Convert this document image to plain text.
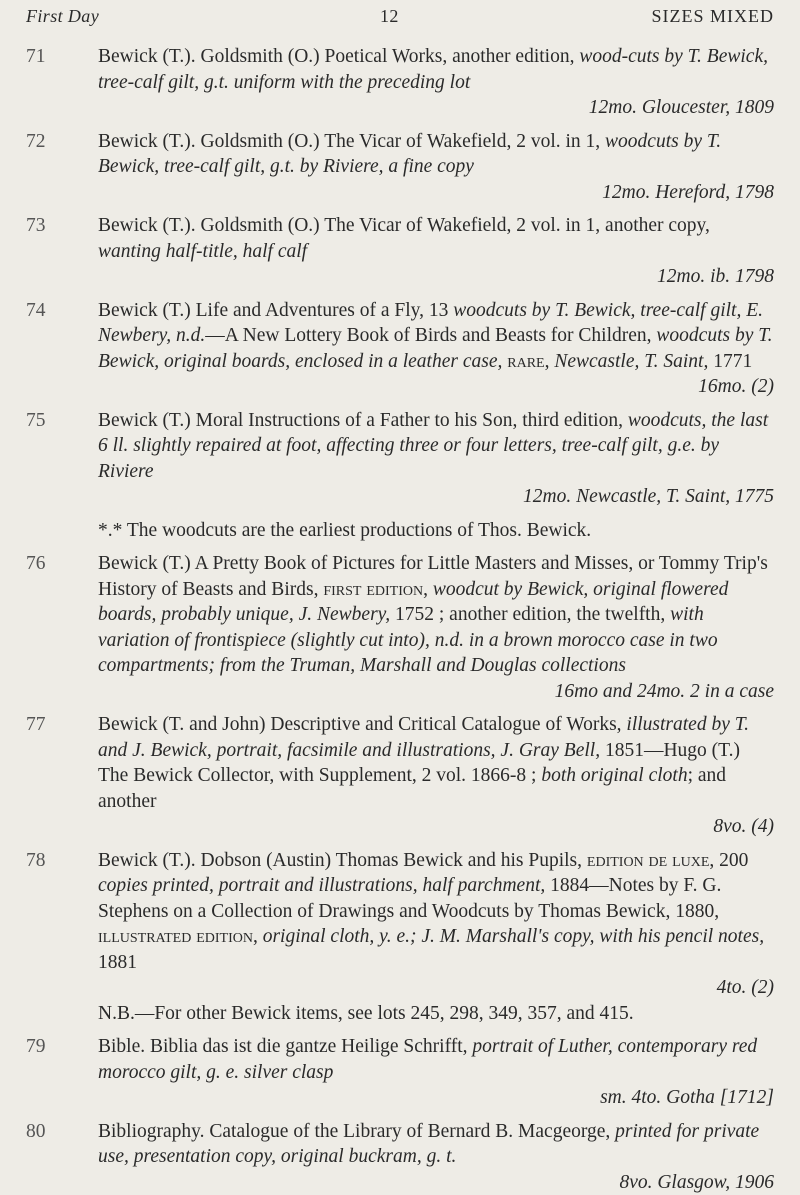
First Day	12	SIZES MIXED
71	Bewick (T.). Goldsmith (O.) Poetical Works, another edition, wood-cuts by T. Bewick, tree-calf gilt, g.t. uniform with the preceding lot
12mo. Gloucester, 1809
72	Bewick (T.). Goldsmith (O.) The Vicar of Wakefield, 2 vol. in 1, woodcuts by T. Bewick, tree-calf gilt, g.t. by Riviere, a fine copy
12mo. Hereford, 1798
73	Bewick (T.). Goldsmith (O.) The Vicar of Wakefield, 2 vol. in 1, another copy, wanting half-title, half calf
12mo. ib. 1798
74	Bewick (T.) Life and Adventures of a Fly, 13 woodcuts by T. Bewick, tree-calf gilt, E. Newbery, n.d.—A New Lottery Book of Birds and Beasts for Children, woodcuts by T. Bewick, original boards, enclosed in a leather case, rare, Newcastle, T. Saint, 1771
16mo. (2)
75	Bewick (T.) Moral Instructions of a Father to his Son, third edition, woodcuts, the last 6 ll. slightly repaired at foot, affecting three or four letters, tree-calf gilt, g.e. by Riviere
12mo. Newcastle, T. Saint, 1775
*.* The woodcuts are the earliest productions of Thos. Bewick.
76	Bewick (T.) A Pretty Book of Pictures for Little Masters and Misses, or Tommy Trip's History of Beasts and Birds, first edition, woodcut by Bewick, original flowered boards, probably unique, J. Newbery, 1752 ; another edition, the twelfth, with variation of frontispiece (slightly cut into), n.d. in a brown morocco case in two compartments; from the Truman, Marshall and Douglas collections
16mo and 24mo. 2 in a case
77	Bewick (T. and John) Descriptive and Critical Catalogue of Works, illustrated by T. and J. Bewick, portrait, facsimile and illustrations, J. Gray Bell, 1851—Hugo (T.) The Bewick Collector, with Supplement, 2 vol. 1866-8 ; both original cloth; and another
8vo. (4)
78	Bewick (T.). Dobson (Austin) Thomas Bewick and his Pupils, edition de luxe, 200 copies printed, portrait and illustrations, half parchment, 1884—Notes by F. G. Stephens on a Collection of Drawings and Woodcuts by Thomas Bewick, 1880, illustrated edition, original cloth, y. e.; J. M. Marshall's copy, with his pencil notes, 1881
4to. (2)
N.B.—For other Bewick items, see lots 245, 298, 349, 357, and 415.
79	Bible. Biblia das ist die gantze Heilige Schrifft, portrait of Luther, contemporary red morocco gilt, g. e. silver clasp
sm. 4to. Gotha [1712]
80	Bibliography. Catalogue of the Library of Bernard B. Macgeorge, printed for private use, presentation copy, original buckram, g. t.
8vo. Glasgow, 1906
